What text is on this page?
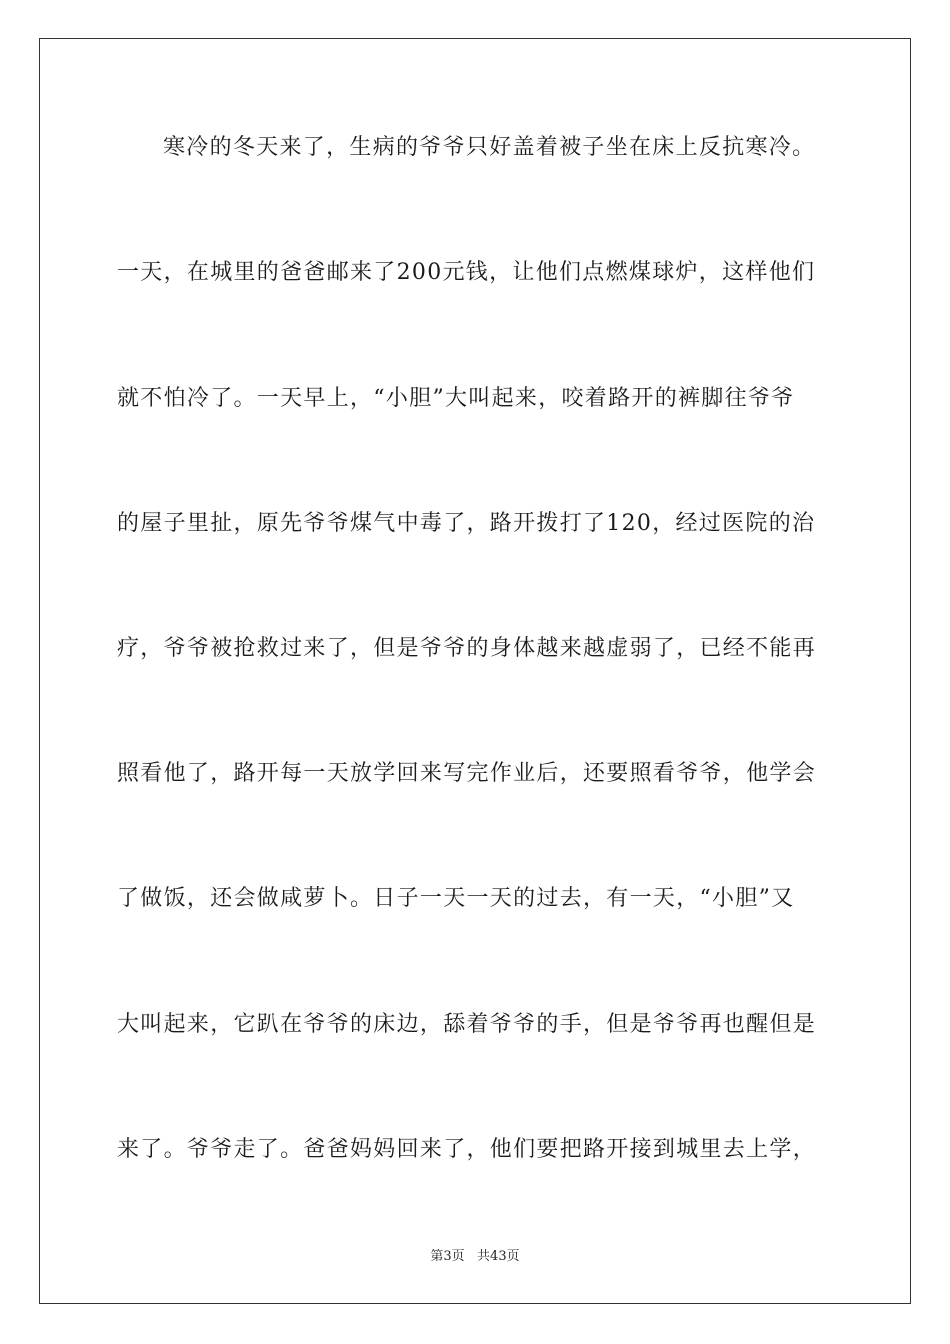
寒冷的冬天来了，生病的爷爷只好盖着被子坐在床上反抗寒冷。

一天，在城里的爸爸邮来了200元钱，让他们点燃煤球炉，这样他们

就不怕冷了。一天早上，“小胆”大叫起来，咬着路开的裤脚往爷爷

的屋子里扯，原先爷爷煤气中毒了，路开拨打了120，经过医院的治

疗，爷爷被抢救过来了，但是爷爷的身体越来越虚弱了，已经不能再

照看他了，路开每一天放学回来写完作业后，还要照看爷爷，他学会

了做饭，还会做咸萝卜。日子一天一天的过去，有一天，“小胆”又

大叫起来，它趴在爷爷的床边，舔着爷爷的手，但是爷爷再也醒但是

来了。爷爷走了。爸爸妈妈回来了，他们要把路开接到城里去上学，

第3页   共43页
